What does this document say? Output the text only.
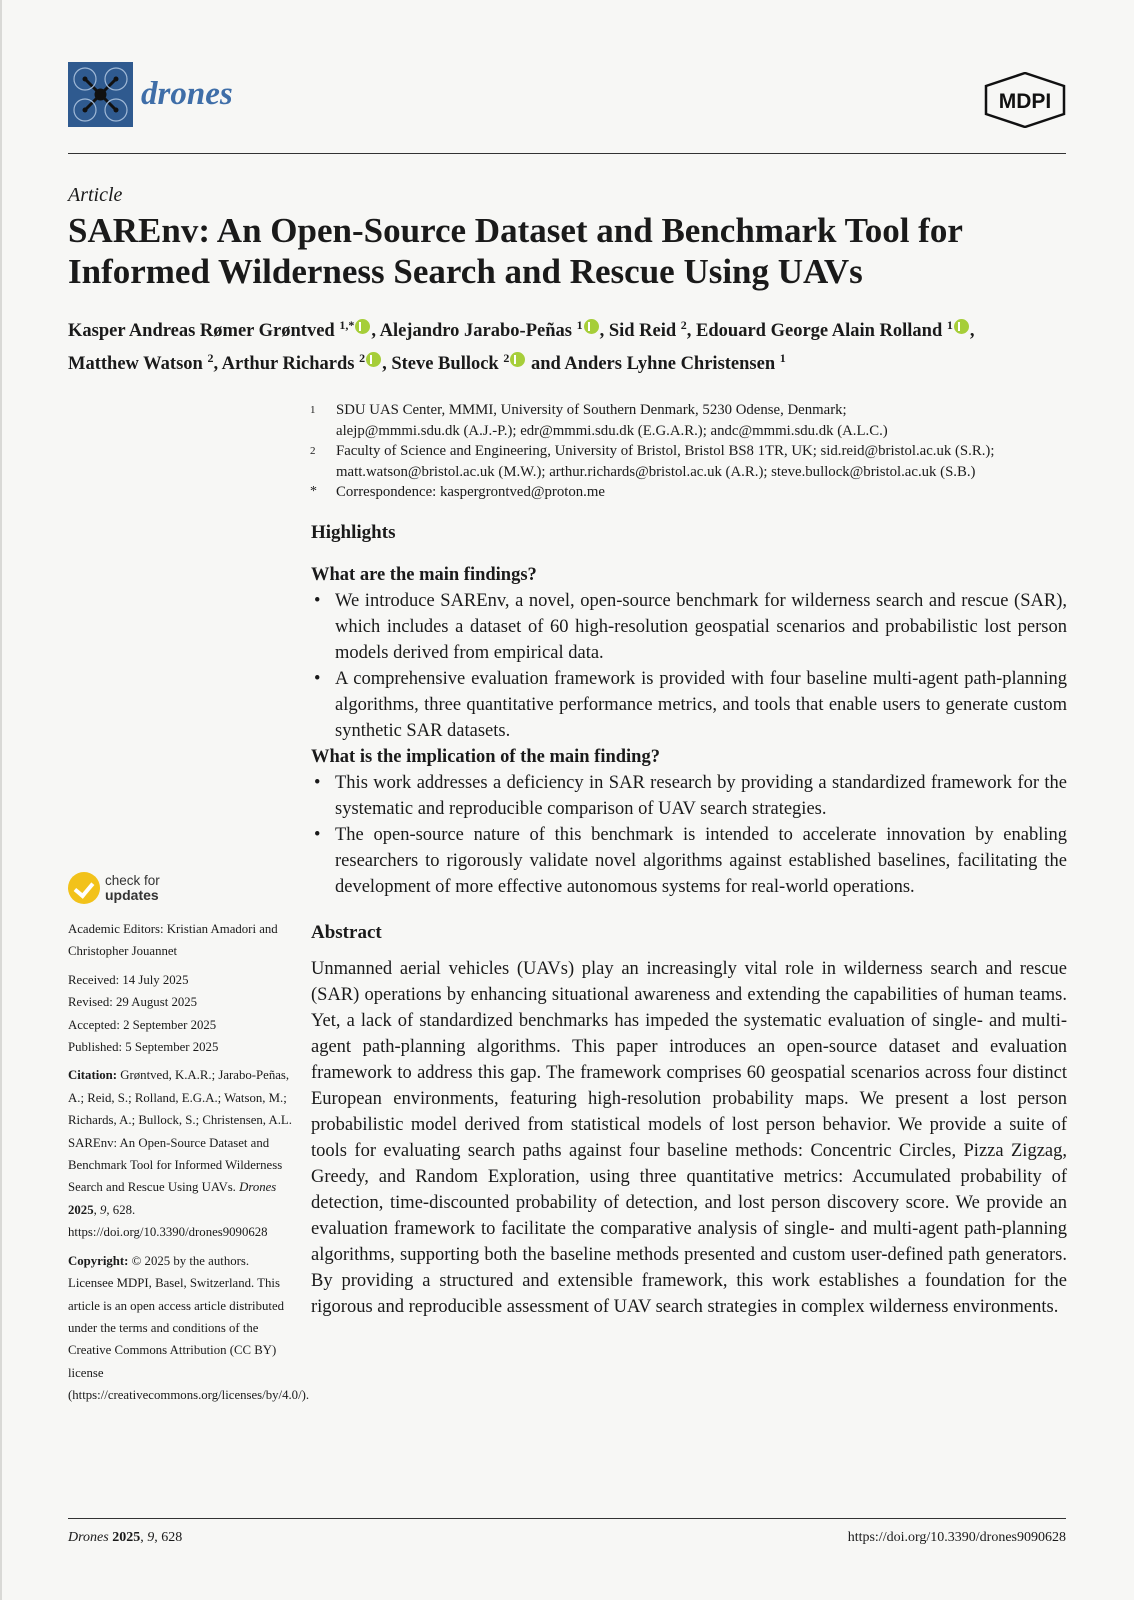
drones	MDPI
Article
SAREnv: An Open-Source Dataset and Benchmark Tool for
Informed Wilderness Search and Rescue Using UAVs
Kasper Andreas Rømer Grøntved $^{1,*}$ , Alejandro Jarabo-Peñas $^1$ , Sid Reid $^2$, Edouard George Alain Rolland $^1$ ,
Matthew Watson $^2$, Arthur Richards $^2$ , Steve Bullock $^2$ and Anders Lyhne Christensen $^1$
1 SDU UAS Center, MMMI, University of Southern Denmark, 5230 Odense, Denmark;
alejp@mmmi.sdu.dk (A.J.-P.); edr@mmmi.sdu.dk (E.G.A.R.); andc@mmmi.sdu.dk (A.L.C.)
2 Faculty of Science and Engineering, University of Bristol, Bristol BS8 1TR, UK; sid.reid@bristol.ac.uk (S.R.);
matt.watson@bristol.ac.uk (M.W.); arthur.richards@bristol.ac.uk (A.R.); steve.bullock@bristol.ac.uk (S.B.)
* Correspondence: kaspergrontved@proton.me
Highlights
What are the main findings?
• We introduce SAREnv, a novel, open-source benchmark for wilderness search and rescue (SAR), which includes a dataset of 60 high-resolution geospatial scenarios and probabilistic lost person models derived from empirical data.
• A comprehensive evaluation framework is provided with four baseline multi-agent path-planning algorithms, three quantitative performance metrics, and tools that enable users to generate custom synthetic SAR datasets.
What is the implication of the main finding?
• This work addresses a deficiency in SAR research by providing a standardized framework for the systematic and reproducible comparison of UAV search strategies.
• The open-source nature of this benchmark is intended to accelerate innovation by enabling researchers to rigorously validate novel algorithms against established baselines, facilitating the development of more effective autonomous systems for real-world operations.
Abstract
Unmanned aerial vehicles (UAVs) play an increasingly vital role in wilderness search and rescue (SAR) operations by enhancing situational awareness and extending the capabilities of human teams. Yet, a lack of standardized benchmarks has impeded the systematic evaluation of single- and multi-agent path-planning algorithms. This paper introduces an open-source dataset and evaluation framework to address this gap. The framework comprises 60 geospatial scenarios across four distinct European environments, featuring high-resolution probability maps. We present a lost person probabilistic model derived from statistical models of lost person behavior. We provide a suite of tools for evaluating search paths against four baseline methods: Concentric Circles, Pizza Zigzag, Greedy, and Random Exploration, using three quantitative metrics: Accumulated probability of detection, time-discounted probability of detection, and lost person discovery score. We provide an evaluation framework to facilitate the comparative analysis of single- and multi-agent path-planning algorithms, supporting both the baseline methods presented and custom user-defined path generators. By providing a structured and extensible framework, this work establishes a foundation for the rigorous and reproducible assessment of UAV search strategies in complex wilderness environments.
check for
updates
Academic Editors: Kristian Amadori and Christopher Jouannet
Received: 14 July 2025
Revised: 29 August 2025
Accepted: 2 September 2025
Published: 5 September 2025
Citation: Grøntved, K.A.R.; Jarabo-Peñas, A.; Reid, S.; Rolland, E.G.A.; Watson, M.; Richards, A.; Bullock, S.; Christensen, A.L. SAREnv: An Open-Source Dataset and Benchmark Tool for Informed Wilderness Search and Rescue Using UAVs. Drones 2025, 9, 628. https://doi.org/10.3390/drones9090628
Copyright: © 2025 by the authors. Licensee MDPI, Basel, Switzerland. This article is an open access article distributed under the terms and conditions of the Creative Commons Attribution (CC BY) license (https://creativecommons.org/licenses/by/4.0/).
Drones 2025, 9, 628	https://doi.org/10.3390/drones9090628
